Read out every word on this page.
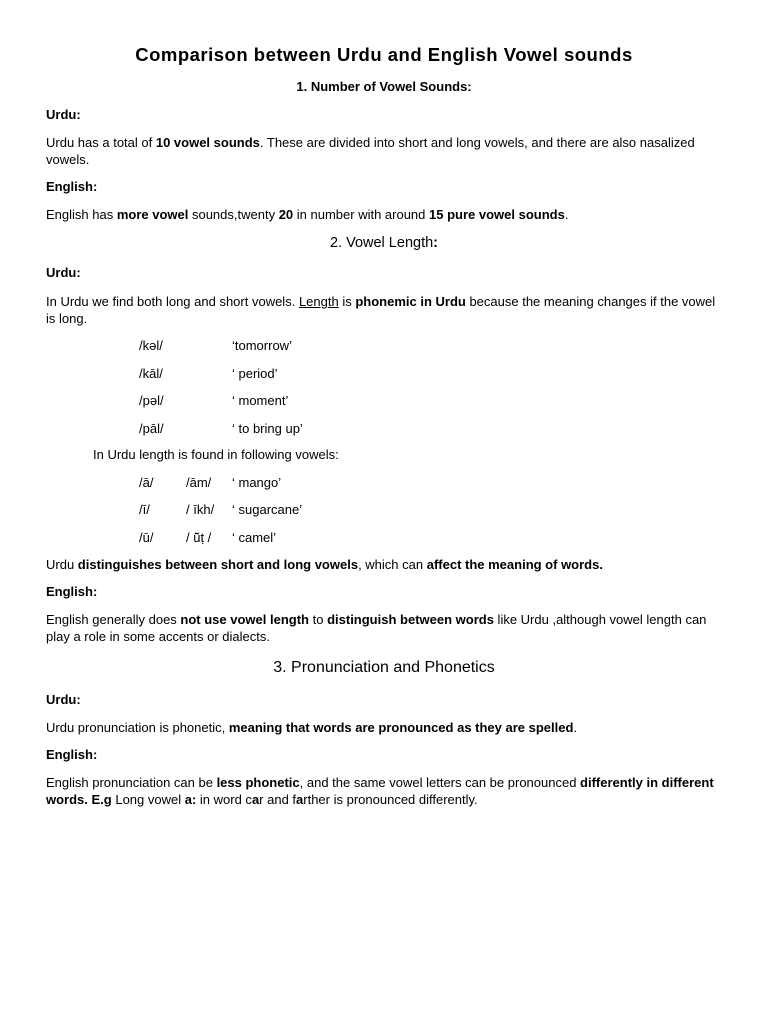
Comparison between Urdu and English Vowel sounds
1. Number of Vowel Sounds:
Urdu:
Urdu has a total of 10 vowel sounds. These are divided into short and long vowels, and there are also nasalized vowels.
English:
English has more vowel sounds,twenty 20 in number with around 15 pure vowel sounds.
2. Vowel Length:
Urdu:
In Urdu we find both long and short vowels. Length is phonemic in Urdu because the meaning changes if the vowel is long.
/kəl/	‘tomorrow’
/kāl/	‘ period’
/pəl/	‘ moment’
/pāl/	‘ to bring up’
In Urdu length is found in following vowels:
/ā/	/ām/ ‘ mango’
/ī/	/ īkh/ ‘ sugarcane’
/ū/	/ ũ̄ṭ / ‘ camel’
Urdu distinguishes between short and long vowels, which can affect the meaning of words.
English:
English generally does not use vowel length to distinguish between words like Urdu ,although vowel length can play a role in some accents or dialects.
3. Pronunciation and Phonetics
Urdu:
Urdu pronunciation is phonetic, meaning that words are pronounced as they are spelled.
English:
English pronunciation can be less phonetic, and the same vowel letters can be pronounced differently in different words. E.g Long vowel a: in word car and farther is pronounced differently.
